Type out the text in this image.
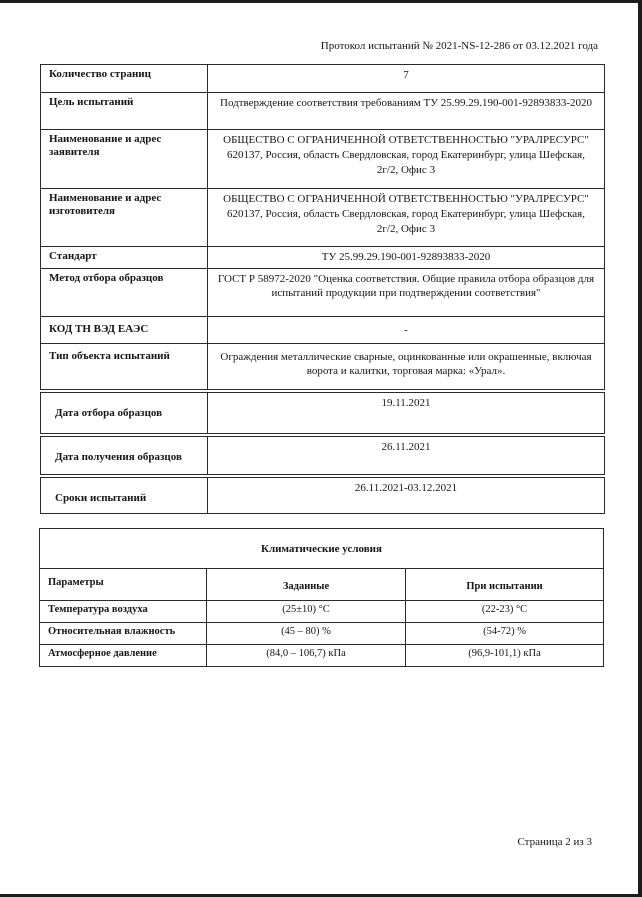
Протокол испытаний № 2021-NS-12-286 от 03.12.2021 года
Количество страниц	7
Цель испытаний	Подтверждение соответствия требованиям ТУ 25.99.29.190-001-92893833-2020
Наименование и адрес заявителя	ОБЩЕСТВО С ОГРАНИЧЕННОЙ ОТВЕТСТВЕННОСТЬЮ "УРАЛРЕСУРС"
620137, Россия, область Свердловская, город Екатеринбург, улица Шефская, 2г/2, Офис 3

Наименование и адрес изготовителя	ОБЩЕСТВО С ОГРАНИЧЕННОЙ ОТВЕТСТВЕННОСТЬЮ "УРАЛРЕСУРС"
620137, Россия, область Свердловская, город Екатеринбург, улица Шефская, 2г/2, Офис 3

Стандарт	ТУ 25.99.29.190-001-92893833-2020
Метод отбора образцов	ГОСТ Р 58972-2020 "Оценка соответствия. Общие правила отбора образцов для испытаний продукции при подтверждении соответствия"
КОД ТН ВЭД ЕАЭС	-
Тип объекта испытаний	Ограждения металлические сварные, оцинкованные или окрашенные, включая ворота и калитки, торговая марка: «Урал».

Дата отбора образцов	19.11.2021

Дата получения образцов	26.11.2021

Сроки испытаний	26.11.2021-03.12.2021
Климатические условия		
Параметры	Заданные	При испытании
Температура воздуха	(25±10) °С	(22-23) °С
Относительная влажность	(45 – 80) %	(54-72) %
Атмосферное давление	(84,0 – 106,7) кПа	(96,9-101,1) кПа
Страница 2 из 3
